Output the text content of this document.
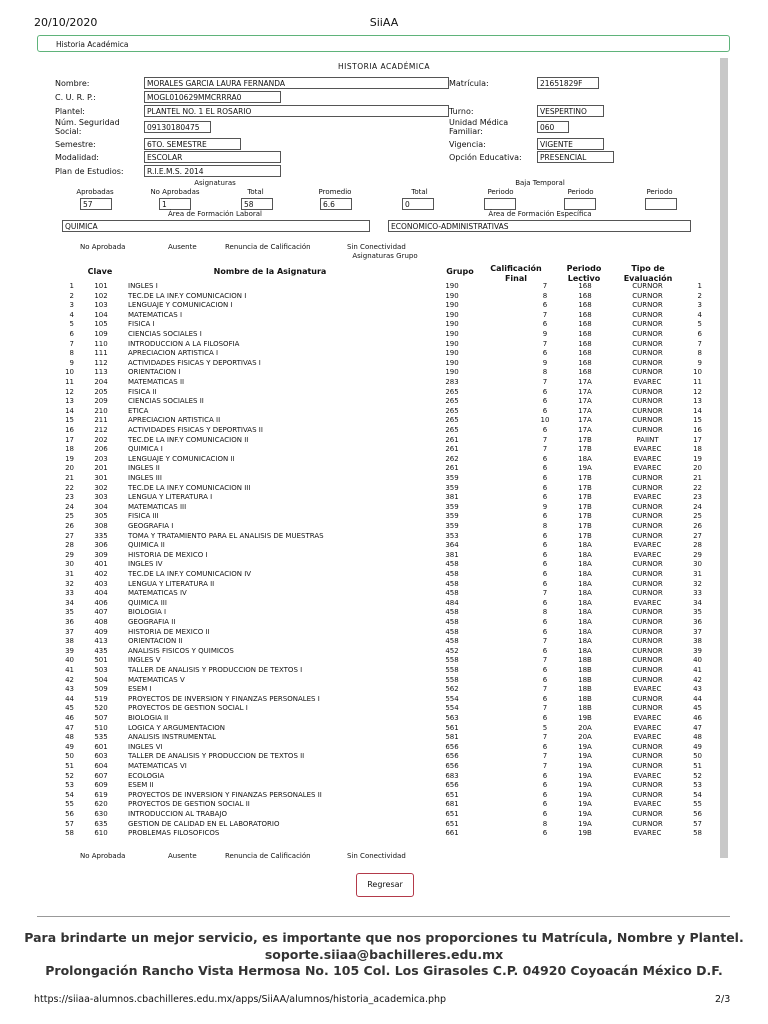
20/10/2020	SiiAA
Historia Académica
HISTORIA ACADÉMICA
Nombre:	MORALES GARCIA LAURA FERNANDA	Matrícula:	21651829F
C. U. R. P.:	MOGL010629MMCRRRA0
Plantel:	PLANTEL NO. 1 EL ROSARIO	Turno:	VESPERTINO
Núm. Seguridad Social:	09130180475
Unidad Médica Familiar:	060
Semestre:	6TO. SEMESTRE	Vigencia:	VIGENTE
Modalidad:	ESCOLAR	Opción Educativa:	PRESENCIAL
Plan de Estudios:	R.I.E.M.S. 2014
Asignaturas	Baja Temporal
Aprobadas	No Aprobadas	Total	Promedio	Total	Periodo	Periodo	Periodo
57	1	58	6.6	0
Área de Formación Laboral	Área de Formación Específica
QUIMICA	ECONOMICO-ADMINISTRATIVAS
No Aprobada	Ausente	Renuncia de Calificación	Sin Conectividad
Asignaturas Grupo
Clave	Nombre de la Asignatura	Grupo	Calificación Final
Periodo Lectivo
Tipo de Evaluación
1	101	INGLES I	190	7	168	CURNOR	1
2	102	TEC.DE LA INF.Y COMUNICACION I	190	8	168	CURNOR	2
3	103	LENGUAJE Y COMUNICACION I	190	6	168	CURNOR	3
4	104	MATEMATICAS I	190	7	168	CURNOR	4
5	105	FISICA I	190	6	168	CURNOR	5
6	109	CIENCIAS SOCIALES I	190	9	168	CURNOR	6
7	110	INTRODUCCION A LA FILOSOFIA	190	7	168	CURNOR	7
8	111	APRECIACION ARTISTICA I	190	6	168	CURNOR	8
9	112	ACTIVIDADES FISICAS Y DEPORTIVAS I	190	9	168	CURNOR	9
10	113	ORIENTACION I	190	8	168	CURNOR	10
11	204	MATEMATICAS II	283	7	17A	EVAREC	11
12	205	FISICA II	265	6	17A	CURNOR	12
13	209	CIENCIAS SOCIALES II	265	6	17A	CURNOR	13
14	210	ETICA	265	6	17A	CURNOR	14
15	211	APRECIACION ARTISTICA II	265	10	17A	CURNOR	15
16	212	ACTIVIDADES FISICAS Y DEPORTIVAS II	265	6	17A	CURNOR	16
17	202	TEC.DE LA INF.Y COMUNICACION II	261	7	17B	PAIINT	17
18	206	QUIMICA I	261	7	17B	EVAREC	18
19	203	LENGUAJE Y COMUNICACION II	262	6	18A	EVAREC	19
20	201	INGLES II	261	6	19A	EVAREC	20
21	301	INGLES III	359	6	17B	CURNOR	21
22	302	TEC.DE LA INF.Y COMUNICACION III	359	6	17B	CURNOR	22
23	303	LENGUA Y LITERATURA I	381	6	17B	EVAREC	23
24	304	MATEMATICAS III	359	9	17B	CURNOR	24
25	305	FISICA III	359	6	17B	CURNOR	25
26	308	GEOGRAFIA I	359	8	17B	CURNOR	26
27	335	TOMA Y TRATAMIENTO PARA EL ANALISIS DE MUESTRAS	353	6	17B	CURNOR	27
28	306	QUIMICA II	364	6	18A	EVAREC	28
29	309	HISTORIA DE MEXICO I	381	6	18A	EVAREC	29
30	401	INGLES IV	458	6	18A	CURNOR	30
31	402	TEC.DE LA INF.Y COMUNICACION IV	458	6	18A	CURNOR	31
32	403	LENGUA Y LITERATURA II	458	6	18A	CURNOR	32
33	404	MATEMATICAS IV	458	7	18A	CURNOR	33
34	406	QUIMICA III	484	6	18A	EVAREC	34
35	407	BIOLOGIA I	458	8	18A	CURNOR	35
36	408	GEOGRAFIA II	458	6	18A	CURNOR	36
37	409	HISTORIA DE MEXICO II	458	6	18A	CURNOR	37
38	413	ORIENTACION II	458	7	18A	CURNOR	38
39	435	ANALISIS FISICOS Y QUIMICOS	452	6	18A	CURNOR	39
40	501	INGLES V	558	7	18B	CURNOR	40
41	503	TALLER DE ANALISIS Y PRODUCCION DE TEXTOS I	558	6	18B	CURNOR	41
42	504	MATEMATICAS V	558	6	18B	CURNOR	42
43	509	ESEM I	562	7	18B	EVAREC	43
44	519	PROYECTOS DE INVERSION Y FINANZAS PERSONALES I	554	6	18B	CURNOR	44
45	520	PROYECTOS DE GESTION SOCIAL I	554	7	18B	CURNOR	45
46	507	BIOLOGIA II	563	6	19B	EVAREC	46
47	510	LOGICA Y ARGUMENTACION	561	5	20A	EVAREC	47
48	535	ANALISIS INSTRUMENTAL	581	7	20A	EVAREC	48
49	601	INGLES VI	656	6	19A	CURNOR	49
50	603	TALLER DE ANALISIS Y PRODUCCION DE TEXTOS II	656	7	19A	CURNOR	50
51	604	MATEMATICAS VI	656	7	19A	CURNOR	51
52	607	ECOLOGIA	683	6	19A	EVAREC	52
53	609	ESEM II	656	6	19A	CURNOR	53
54	619	PROYECTOS DE INVERSION Y FINANZAS PERSONALES II	651	6	19A	CURNOR	54
55	620	PROYECTOS DE GESTION SOCIAL II	681	6	19A	EVAREC	55
56	630	INTRODUCCION AL TRABAJO	651	6	19A	CURNOR	56
57	635	GESTION DE CALIDAD EN EL LABORATORIO	651	8	19A	CURNOR	57
58	610	PROBLEMAS FILOSOFICOS	661	6	19B	EVAREC	58
No Aprobada	Ausente	Renuncia de Calificación	Sin Conectividad
Regresar
Para brindarte un mejor servicio, es importante que nos proporciones tu Matrícula, Nombre y Plantel.
soporte.siiaa@bachilleres.edu.mx
Prolongación Rancho Vista Hermosa No. 105 Col. Los Girasoles C.P. 04920 Coyoacán México D.F.
https://siiaa-alumnos.cbachilleres.edu.mx/apps/SiiAA/alumnos/historia_academica.php	2/3
